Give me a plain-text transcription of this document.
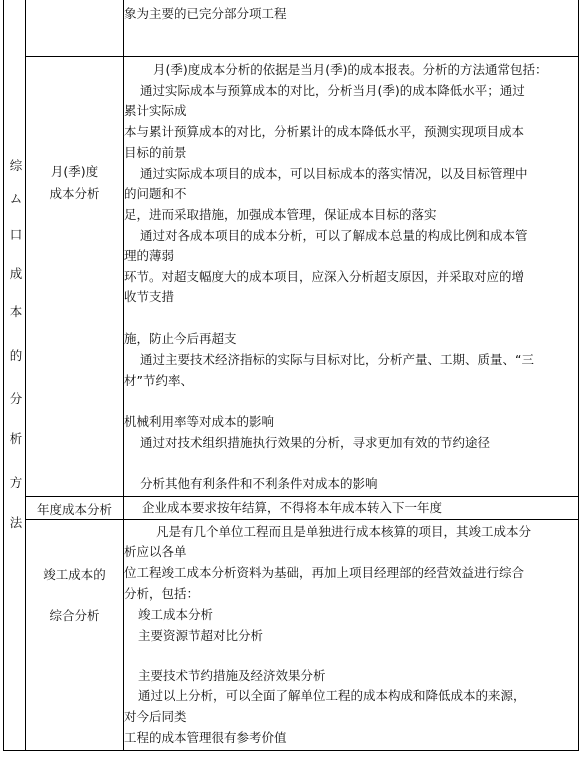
综
ム
口
成
本
的
分
析
方
法
象为主要的已完分部分项工程
月(季)度
成本分析
月(季)度成本分析的依据是当月(季)的成本报表。分析的方法通常包括：
通过实际成本与预算成本的对比，分析当月(季)的成本降低水平；通过
累计实际成
本与累计预算成本的对比，分析累计的成本降低水平，预测实现项目成本
目标的前景
通过实际成本项目的成本，可以目标成本的落实情况，以及目标管理中
的问题和不
足，进而采取措施，加强成本管理，保证成本目标的落实
通过对各成本项目的成本分析，可以了解成本总量的构成比例和成本管
理的薄弱
环节。对超支幅度大的成本项目，应深入分析超支原因，并采取对应的增
收节支措
施，防止今后再超支
通过主要技术经济指标的实际与目标对比，分析产量、工期、质量、“三
材”节约率、
机械利用率等对成本的影响
通过对技术组织措施执行效果的分析，寻求更加有效的节约途径
分析其他有利条件和不利条件对成本的影响
年度成本分析	企业成本要求按年结算，不得将本年成本转入下一年度
竣工成本的
综合分析
凡是有几个单位工程而且是单独进行成本核算的项目，其竣工成本分
析应以各单
位工程竣工成本分析资料为基础，再加上项目经理部的经营效益进行综合
分析，包括：
竣工成本分析
主要资源节超对比分析
主要技术节约措施及经济效果分析
通过以上分析，可以全面了解单位工程的成本构成和降低成本的来源，
对今后同类
工程的成本管理很有参考价值
